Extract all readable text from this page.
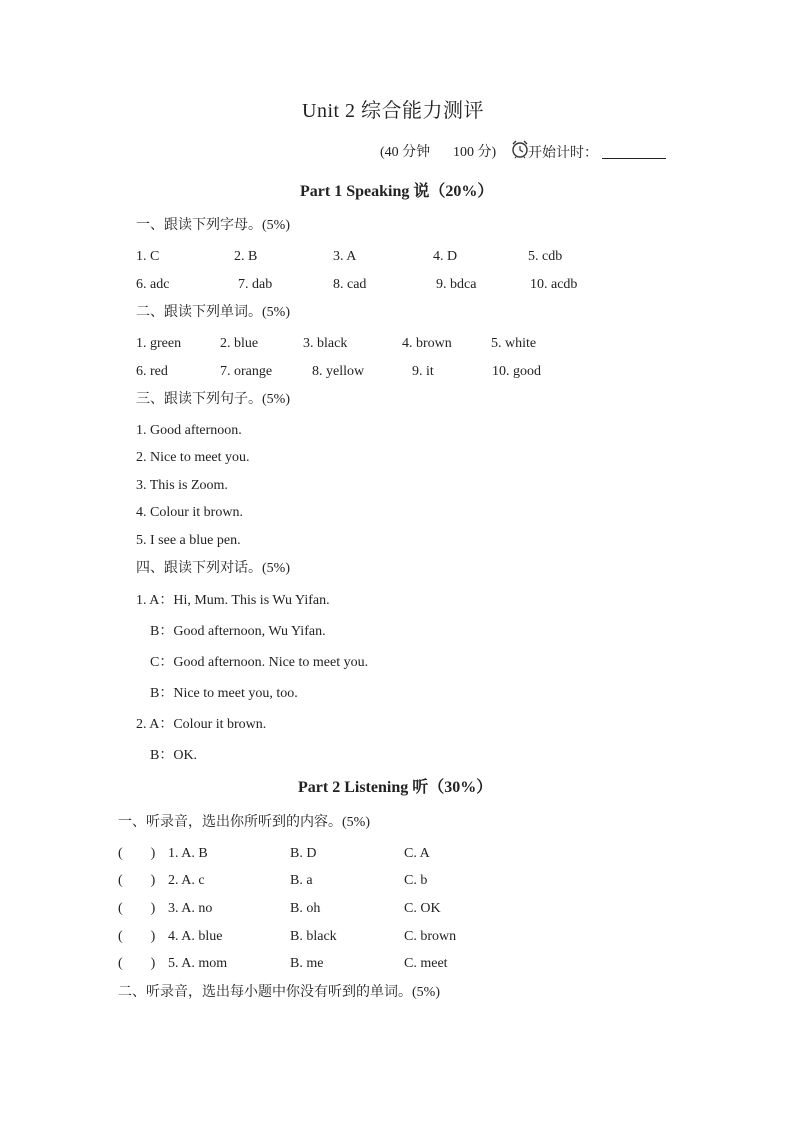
Unit 2 综合能力测评
(40 分钟 100 分) 开始计时：
Part 1 Speaking 说（20%）
一、跟读下列字母。(5%)
1. C	2. B	3. A	4. D	5. cdb
6. adc	7. dab	8. cad	9. bdca	10. acdb
二、跟读下列单词。(5%)
1. green	2. blue	3. black	4. brown	5. white
6. red	7. orange	8. yellow	9. it	10. good
三、跟读下列句子。(5%)
1. Good afternoon.
2. Nice to meet you.
3. This is Zoom.
4. Colour it brown.
5. I see a blue pen.
四、跟读下列对话。(5%)
1. A：Hi, Mum. This is Wu Yifan.
B：Good afternoon, Wu Yifan.
C：Good afternoon. Nice to meet you.
B：Nice to meet you, too.
2. A：Colour it brown.
B：OK.
Part 2 Listening 听（30%）
一、听录音，选出你所听到的内容。(5%)
(　　) 1. A. B	B. D	C. A
(　　) 2. A. c	B. a	C. b
(　　) 3. A. no	B. oh	C. OK
(　　) 4. A. blue	B. black	C. brown
(　　) 5. A. mom	B. me	C. meet
二、听录音，选出每小题中你没有听到的单词。(5%)
